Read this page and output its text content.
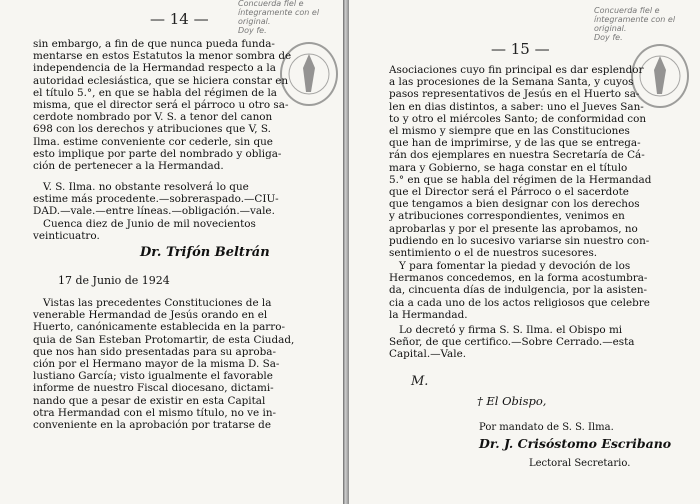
— 14 —
Concuerda fiel e
íntegramente con el
original.
Doy fe.
sin embargo, a fin de que nunca pueda funda-
mentarse en estos Estatutos la menor sombra de
independencia de la Hermandad respecto a la
autoridad eclesiástica, que se hiciera constar en
el título 5.°, en que se habla del régimen de la
misma, que el director será el párroco u otro sa-
cerdote nombrado por V. S. a tenor del canon
698 con los derechos y atribuciones que V, S.
Ilma. estime conveniente cor cederle, sin que
esto implique por parte del nombrado y obliga-
ción de pertenecer a la Hermandad.
V. S. Ilma. no obstante resolverá lo que
estime más procedente.—sobreraspado.—CIU-
DAD.—vale.—entre líneas.—obligación.—vale.
Cuenca diez de Junio de mil novecientos
veinticuatro.
Dr. Trifón Beltrán
17 de Junio de 1924
Vistas las precedentes Constituciones de la
venerable Hermandad de Jesús orando en el
Huerto, canónicamente establecida en la parro-
quia de San Esteban Protomartir, de esta Ciudad,
que nos han sido presentadas para su aproba-
ción por el Hermano mayor de la misma D. Sa-
lustiano García; visto igualmente el favorable
informe de nuestro Fiscal diocesano, dictami-
nando que a pesar de existir en esta Capital
otra Hermandad con el mismo título, no ve in-
conveniente en la aprobación por tratarse de
— 15 —
Concuerda fiel e
íntegramente con el
original.
Doy fe.
Asociaciones cuyo fin principal es dar esplendor
a las procesiones de la Semana Santa, y cuyos
pasos representativos de Jesús en el Huerto sa-
len en dias distintos, a saber: uno el Jueves San-
to y otro el miércoles Santo; de conformidad con
el mismo y siempre que en las Constituciones
que han de imprimirse, y de las que se entrega-
rán dos ejemplares en nuestra Secretaría de Cá-
mara y Gobierno, se haga constar en el título
5.° en que se habla del régimen de la Hermandad
que el Director será el Párroco o el sacerdote
que tengamos a bien designar con los derechos
y atribuciones correspondientes, venimos en
aprobarlas y por el presente las aprobamos, no
pudiendo en lo sucesivo variarse sin nuestro con-
sentimiento o el de nuestros sucesores.
Y para fomentar la piedad y devoción de los
Hermanos concedemos, en la forma acostumbra-
da, cincuenta días de indulgencia, por la asisten-
cia a cada uno de los actos religiosos que celebre
la Hermandad.
Lo decretó y firma S. S. Ilma. el Obispo mi
Señor, de que certifico.—Sobre Cerrado.—esta
Capital.—Vale.
M.
† El Obispo,
Por mandato de S. S. Ilma.
Dr. J. Crisóstomo Escribano
Lectoral Secretario.
